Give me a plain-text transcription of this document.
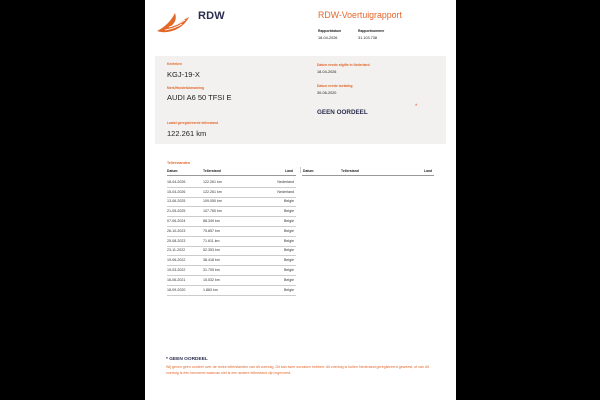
RDW	RDW-Voertuigrapport
Rapportdatum
18-04-2026
Rapportnummer
31.103.738
Kenteken
KGJ-19-X
Merk/Handelsbenaming
AUDI A6 50 TFSI E
Laatst geregistreerde tellerstand
122.261 km
Datum eerste afgifte in Nederland
18-04-2026
Datum eerste toelating
30-06-2020
GEEN OORDEEL
*
Tellerstanden
Datum	Tellerstand	Land	Datum	Tellerstand	Land
18-04-2026	122.261 km	Nederland
15-04-2026	122.261 km	Nederland
13-06-2025	109.050 km	Belgie
21-05-2025	107.760 km	Belgie
07-06-2024	88.349 km	Belgie
26-10-2023	75.857 km	Belgie
25-08-2023	71.611 km	Belgie
23-11-2022	52.353 km	Belgie
19-06-2022	38.418 km	Belgie
19-03-2022	31.705 km	Belgie
16-06-2021	15.532 km	Belgie
18-09-2020	1.883 km	Belgie
* GEEN OORDEEL
Wij geven geen oordeel over de reeks tellerstanden van dit voertuig. Dit kan twee oorzaken hebben: dit voertuig is buiten Nederland geregistreerd geweest, of van dit voertuig is één benoemd waarvan niet is een andere tellerstand zijn ingevoerd.
